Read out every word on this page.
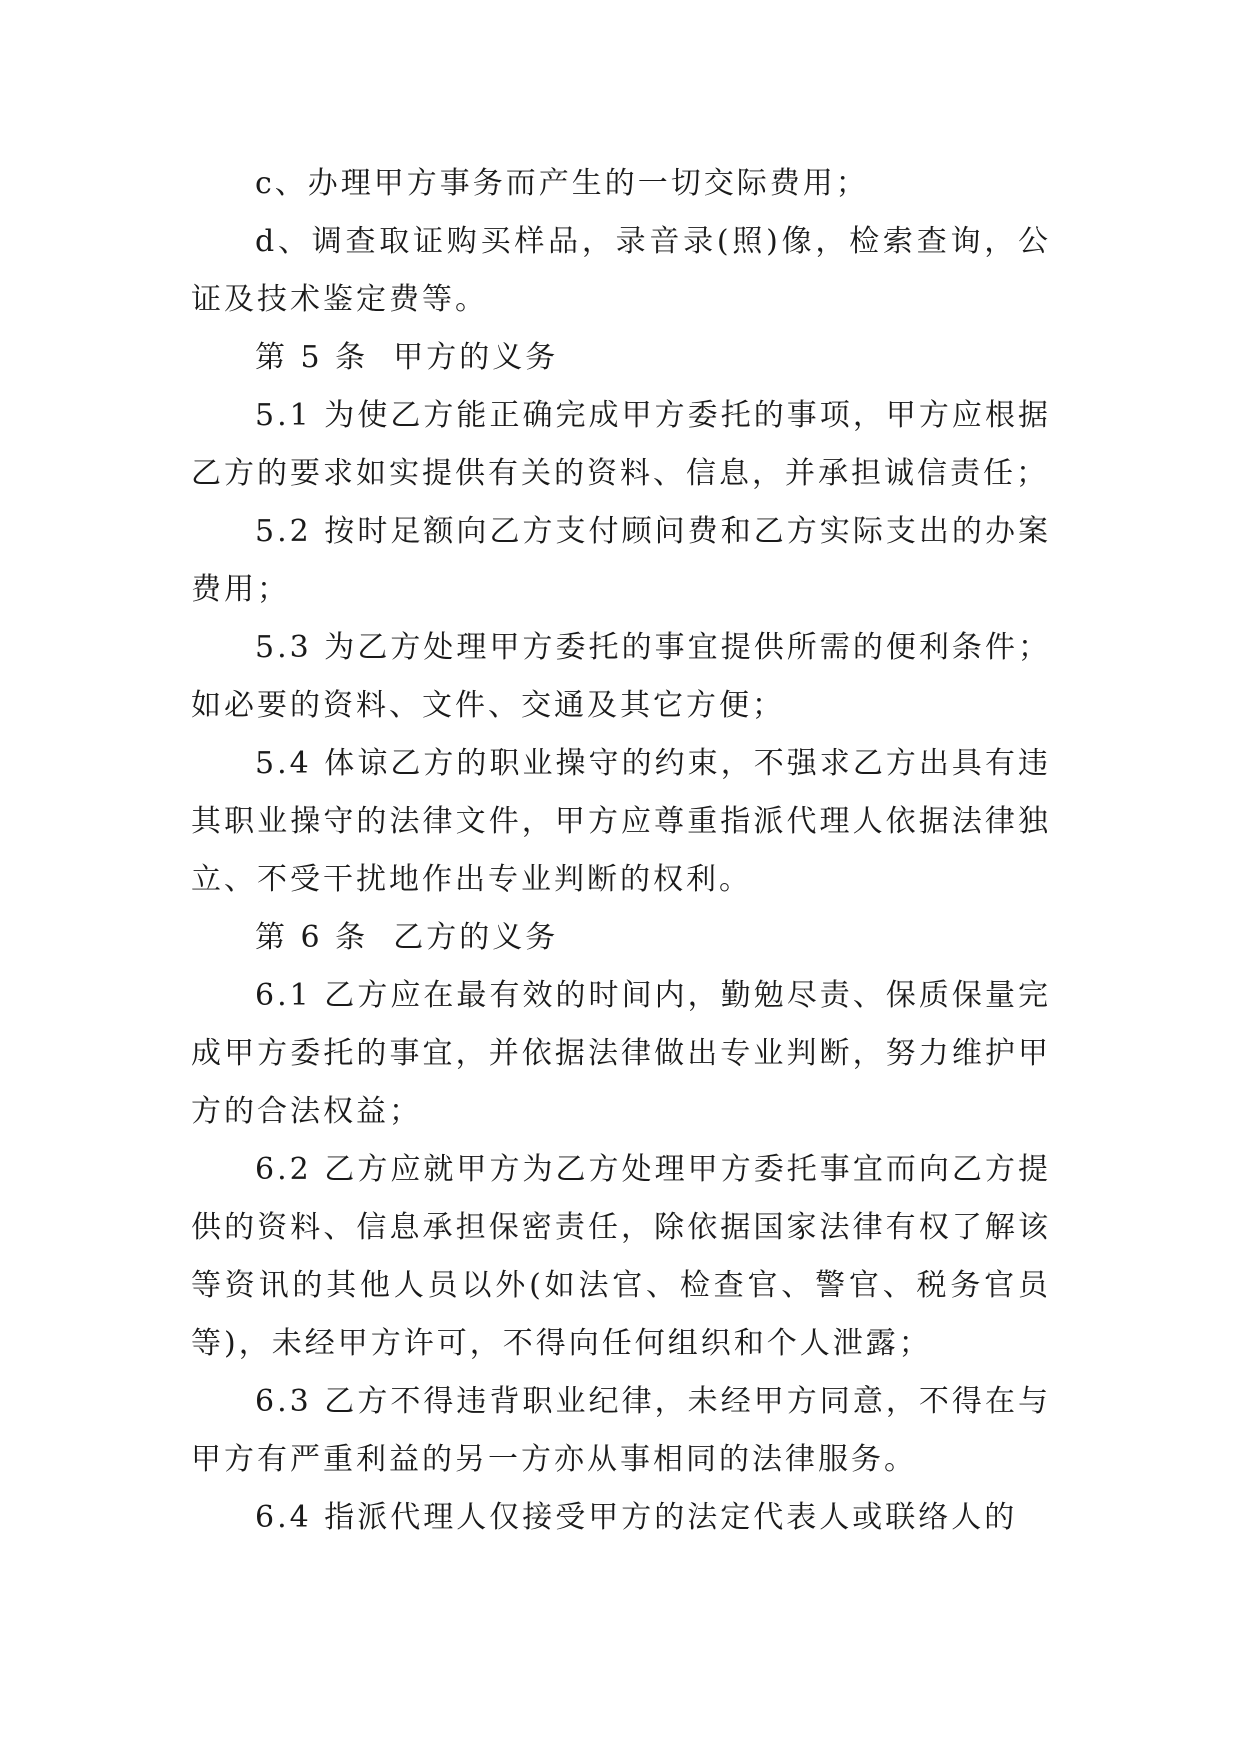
c、办理甲方事务而产生的一切交际费用；

d、调查取证购买样品，录音录(照)像，检索查询，公证及技术鉴定费等。

第 5 条  甲方的义务

5.1 为使乙方能正确完成甲方委托的事项，甲方应根据乙方的要求如实提供有关的资料、信息，并承担诚信责任；

5.2 按时足额向乙方支付顾问费和乙方实际支出的办案费用；

5.3 为乙方处理甲方委托的事宜提供所需的便利条件；如必要的资料、文件、交通及其它方便；

5.4 体谅乙方的职业操守的约束，不强求乙方出具有违其职业操守的法律文件，甲方应尊重指派代理人依据法律独立、不受干扰地作出专业判断的权利。

第 6 条  乙方的义务

6.1 乙方应在最有效的时间内，勤勉尽责、保质保量完成甲方委托的事宜，并依据法律做出专业判断，努力维护甲方的合法权益；

6.2 乙方应就甲方为乙方处理甲方委托事宜而向乙方提供的资料、信息承担保密责任，除依据国家法律有权了解该等资讯的其他人员以外(如法官、检查官、警官、税务官员等)，未经甲方许可，不得向任何组织和个人泄露；

6.3 乙方不得违背职业纪律，未经甲方同意，不得在与甲方有严重利益的另一方亦从事相同的法律服务。

6.4 指派代理人仅接受甲方的法定代表人或联络人的
